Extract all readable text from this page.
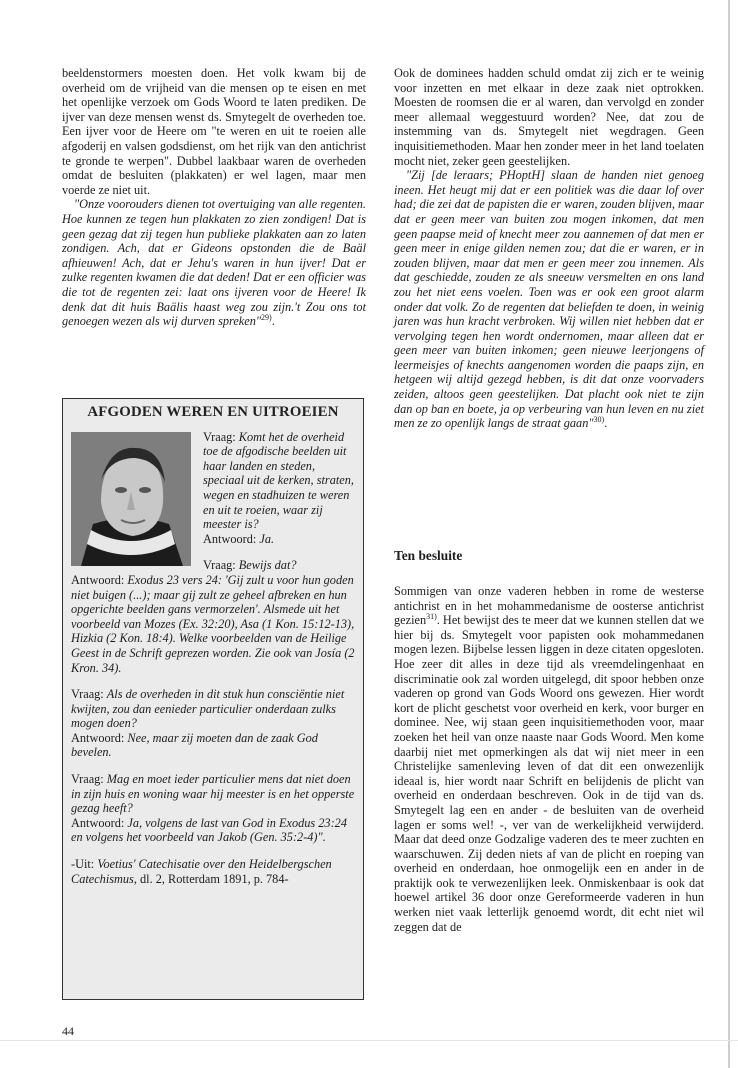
beeldenstormers moesten doen. Het volk kwam bij de overheid om de vrijheid van die mensen op te eisen en met het openlijke verzoek om Gods Woord te laten prediken. De ijver van deze mensen wenst ds. Smytegelt de overheden toe. Een ijver voor de Heere om "te weren en uit te roeien alle afgoderij en valsen godsdienst, om het rijk van den antichrist te gronde te werpen". Dubbel laakbaar waren de overheden omdat de besluiten (plakkaten) er wel lagen, maar men voerde ze niet uit.

"Onze voorouders dienen tot overtuiging van alle regenten. Hoe kunnen ze tegen hun plakkaten zo zien zondigen! Dat is geen gezag dat zij tegen hun publieke plakkaten aan zo laten zondigen. Ach, dat er Gideons opstonden die de Baäl afhieuwen! Ach, dat er Jehu's waren in hun ijver! Dat er zulke regenten kwamen die dat deden! Dat er een officier was die tot de regenten zei: laat ons ijveren voor de Heere! Ik denk dat dit huis Baälis haast weg zou zijn.'t Zou ons tot genoegen wezen als wij durven spreken"$^{29)}$.

AFGODEN WEREN EN UITROEIEN

Vraag: Komt het de overheid toe de afgodische beelden uit haar landen en steden, speciaal uit de kerken, straten, wegen en stadhuizen te weren en uit te roeien, waar zij meester is?
Antwoord: Ja.

Vraag: Bewijs dat?
Antwoord: Exodus 23 vers 24: 'Gij zult u voor hun goden niet buigen (...); maar gij zult ze geheel afbreken en hun opgerichte beelden gans vermorzelen'. Alsmede uit het voorbeeld van Mozes (Ex. 32:20), Asa (1 Kon. 15:12-13), Hizkia (2 Kon. 18:4). Welke voorbeelden van de Heilige Geest in de Schrift geprezen worden. Zie ook van Josía (2 Kron. 34).

Vraag: Als de overheden in dit stuk hun consciëntie niet kwijten, zou dan eenieder particulier onderdaan zulks mogen doen?
Antwoord: Nee, maar zij moeten dan de zaak God bevelen.

Vraag: Mag en moet ieder particulier mens dat niet doen in zijn huis en woning waar hij meester is en het opperste gezag heeft?
Antwoord: Ja, volgens de last van God in Exodus 23:24 en volgens het voorbeeld van Jakob (Gen. 35:2-4)".

-Uit: Voetius' Catechisatie over den Heidelbergschen Catechismus, dl. 2, Rotterdam 1891, p. 784-

Ook de dominees hadden schuld omdat zij zich er te weinig voor inzetten en met elkaar in deze zaak niet optrokken. Moesten de roomsen die er al waren, dan vervolgd en zonder meer allemaal weggestuurd worden? Nee, dat zou de instemming van ds. Smytegelt niet wegdragen. Geen inquisitiemethoden. Maar hen zonder meer in het land toelaten mocht niet, zeker geen geestelijken.

"Zij [de leraars; PHoptH] slaan de handen niet genoeg ineen. Het heugt mij dat er een politiek was die daar lof over had; die zei dat de papisten die er waren, zouden blijven, maar dat er geen meer van buiten zou mogen inkomen, dat men geen paapse meid of knecht meer zou aannemen of dat men er geen meer in enige gilden nemen zou; dat die er waren, er in zouden blijven, maar dat men er geen meer zou innemen. Als dat geschiedde, zouden ze als sneeuw versmelten en ons land zou het niet eens voelen. Toen was er ook een groot alarm onder dat volk. Zo de regenten dat beliefden te doen, in weinig jaren was hun kracht verbroken. Wij willen niet hebben dat er vervolging tegen hen wordt ondernomen, maar alleen dat er geen meer van buiten inkomen; geen nieuwe leerjongens of leermeisjes of knechts aangenomen worden die paaps zijn, en hetgeen wij altijd gezegd hebben, is dit dat onze voorvaders zeiden, altoos geen geestelijken. Dat placht ook niet te zijn dan op ban en boete, ja op verbeuring van hun leven en nu ziet men ze zo openlijk langs de straat gaan"$^{30)}$.

Ten besluite

Sommigen van onze vaderen hebben in rome de westerse antichrist en in het mohammedanisme de oosterse antichrist gezien$^{31)}$. Het bewijst des te meer dat we kunnen stellen dat we hier bij ds. Smytegelt voor papisten ook mohammedanen mogen lezen. Bijbelse lessen liggen in deze citaten opgesloten. Hoe zeer dit alles in deze tijd als vreemdelingenhaat en discriminatie ook zal worden uitgelegd, dit spoor hebben onze vaderen op grond van Gods Woord ons gewezen. Hier wordt kort de plicht geschetst voor overheid en kerk, voor burger en dominee. Nee, wij staan geen inquisitiemethoden voor, maar zoeken het heil van onze naaste naar Gods Woord. Men kome daarbij niet met opmerkingen als dat wij niet meer in een Christelijke samenleving leven of dat dit een onwezenlijk ideaal is, hier wordt naar Schrift en belijdenis de plicht van overheid en onderdaan beschreven. Ook in de tijd van ds. Smytegelt lag een en ander - de besluiten van de overheid lagen er soms wel! -, ver van de werkelijkheid verwijderd. Maar dat deed onze Godzalige vaderen des te meer zuchten en waarschuwen. Zij deden niets af van de plicht en roeping van overheid en onderdaan, hoe onmogelijk een en ander in de praktijk ook te verwezenlijken leek. Onmiskenbaar is ook dat hoewel artikel 36 door onze Gereformeerde vaderen in hun werken niet vaak letterlijk genoemd wordt, dit echt niet wil zeggen dat de

44
